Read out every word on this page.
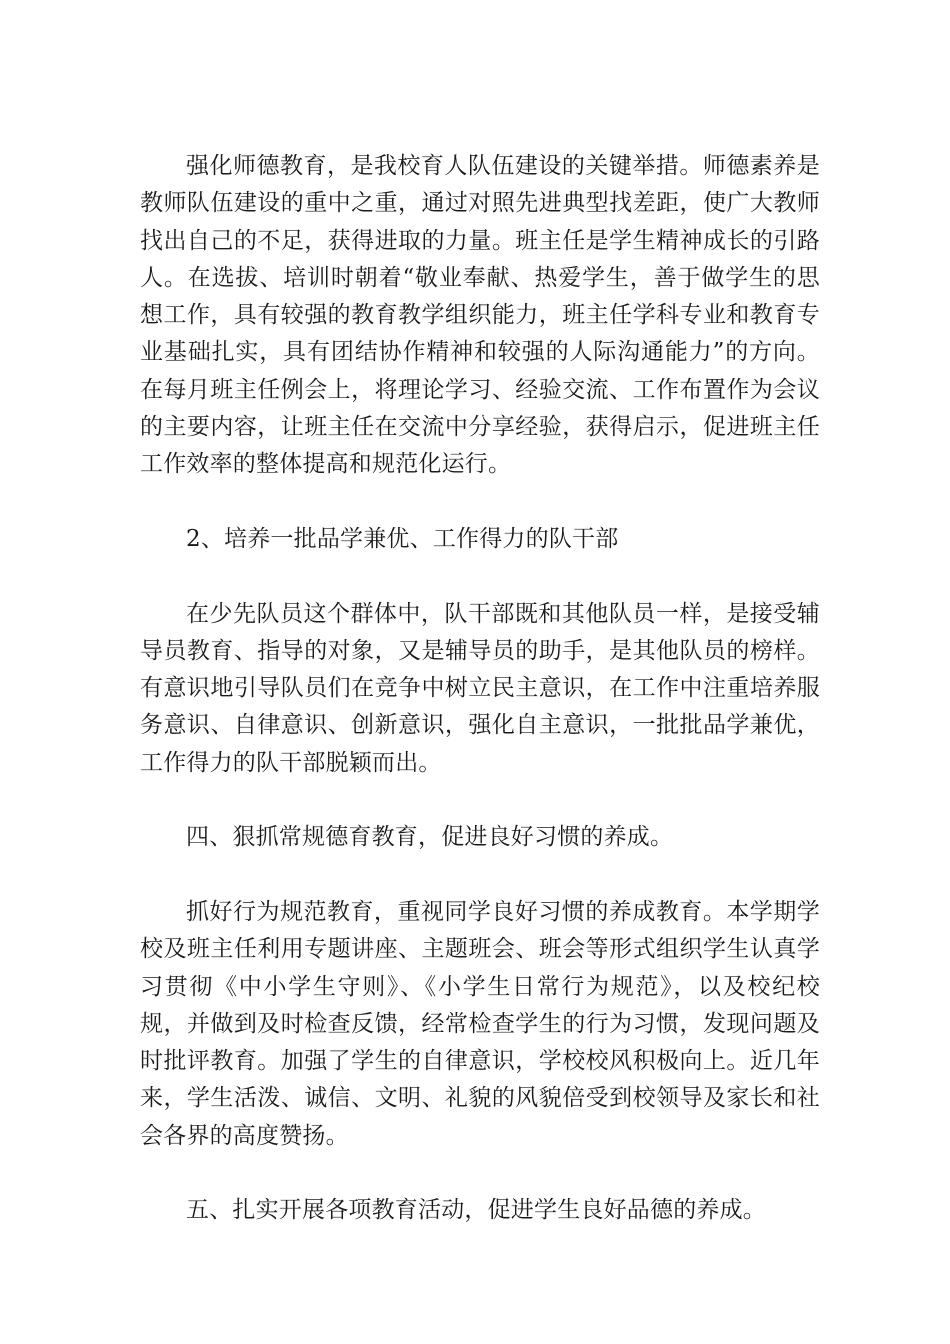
强化师德教育，是我校育人队伍建设的关键举措。师德素养是教师队伍建设的重中之重，通过对照先进典型找差距，使广大教师找出自己的不足，获得进取的力量。班主任是学生精神成长的引路人。在选拔、培训时朝着“敬业奉献、热爱学生，善于做学生的思想工作，具有较强的教育教学组织能力，班主任学科专业和教育专业基础扎实，具有团结协作精神和较强的人际沟通能力”的方向。在每月班主任例会上，将理论学习、经验交流、工作布置作为会议的主要内容，让班主任在交流中分享经验，获得启示，促进班主任工作效率的整体提高和规范化运行。

2、培养一批品学兼优、工作得力的队干部

在少先队员这个群体中，队干部既和其他队员一样，是接受辅导员教育、指导的对象，又是辅导员的助手，是其他队员的榜样。有意识地引导队员们在竞争中树立民主意识，在工作中注重培养服务意识、自律意识、创新意识，强化自主意识，一批批品学兼优，工作得力的队干部脱颖而出。

四、狠抓常规德育教育，促进良好习惯的养成。

抓好行为规范教育，重视同学良好习惯的养成教育。本学期学校及班主任利用专题讲座、主题班会、班会等形式组织学生认真学习贯彻《中小学生守则》、《小学生日常行为规范》，以及校纪校规，并做到及时检查反馈，经常检查学生的行为习惯，发现问题及时批评教育。加强了学生的自律意识，学校校风积极向上。近几年来，学生活泼、诚信、文明、礼貌的风貌倍受到校领导及家长和社会各界的高度赞扬。

五、扎实开展各项教育活动，促进学生良好品德的养成。
